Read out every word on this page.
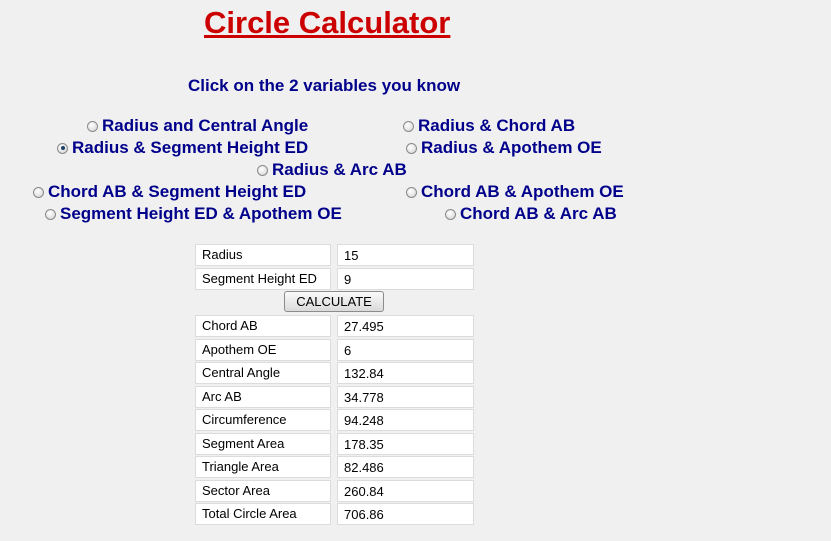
Circle Calculator
Click on the 2 variables you know
Radius and Central Angle	Radius & Chord AB
Radius & Segment Height ED	Radius & Apothem OE
Radius & Arc AB
Chord AB & Segment Height ED	Chord AB & Apothem OE
Segment Height ED & Apothem OE	Chord AB & Arc AB
Radius
15
Segment Height ED
9
CALCULATE
Chord AB
27.495
Apothem OE
6
Central Angle
132.84
Arc AB
34.778
Circumference
94.248
Segment Area
178.35
Triangle Area
82.486
Sector Area
260.84
Total Circle Area
706.86
